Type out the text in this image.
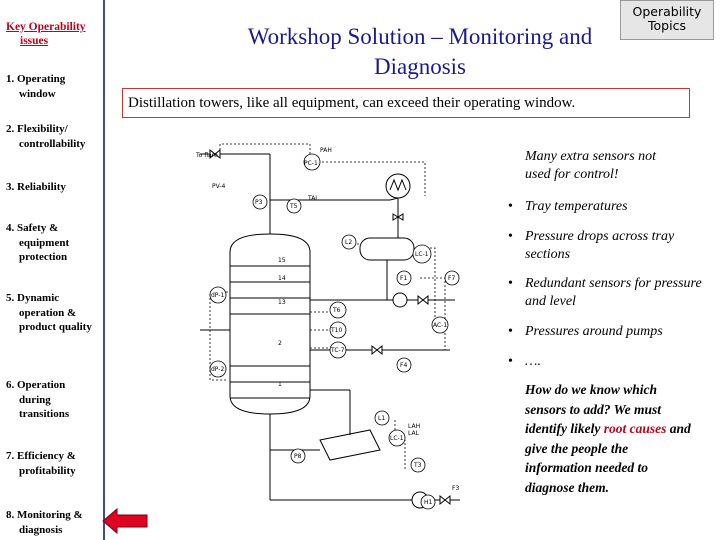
Key Operability
issues
1. Operating
window
2. Flexibility/
controllability
3. Reliability
4. Safety &
equipment protection
5. Dynamic
operation & product quality
6. Operation
during transitions
7. Efficiency &
profitability
8. Monitoring &
diagnosis
Workshop Solution – Monitoring and
Diagnosis
Operability
Topics
Distillation towers, like all equipment, can exceed their operating window.
To flare
PV-4
PAH
PC-1
P3
T5
TAL
L2
LC-1
F1	F7
AC-1
F4
dP-1
dP-2
T6
T10
TC-7
15
14
13
2
1
L1
LAH
LAL
LC-1
P8
T3
F3
H1
Many extra sensors not
used for control!
• Tray temperatures
• Pressure drops across tray sections
• Redundant sensors for pressure and level
• Pressures around pumps
• ….
How do we know which sensors to add? We must identify likely root causes and give the people the information needed to diagnose them.
